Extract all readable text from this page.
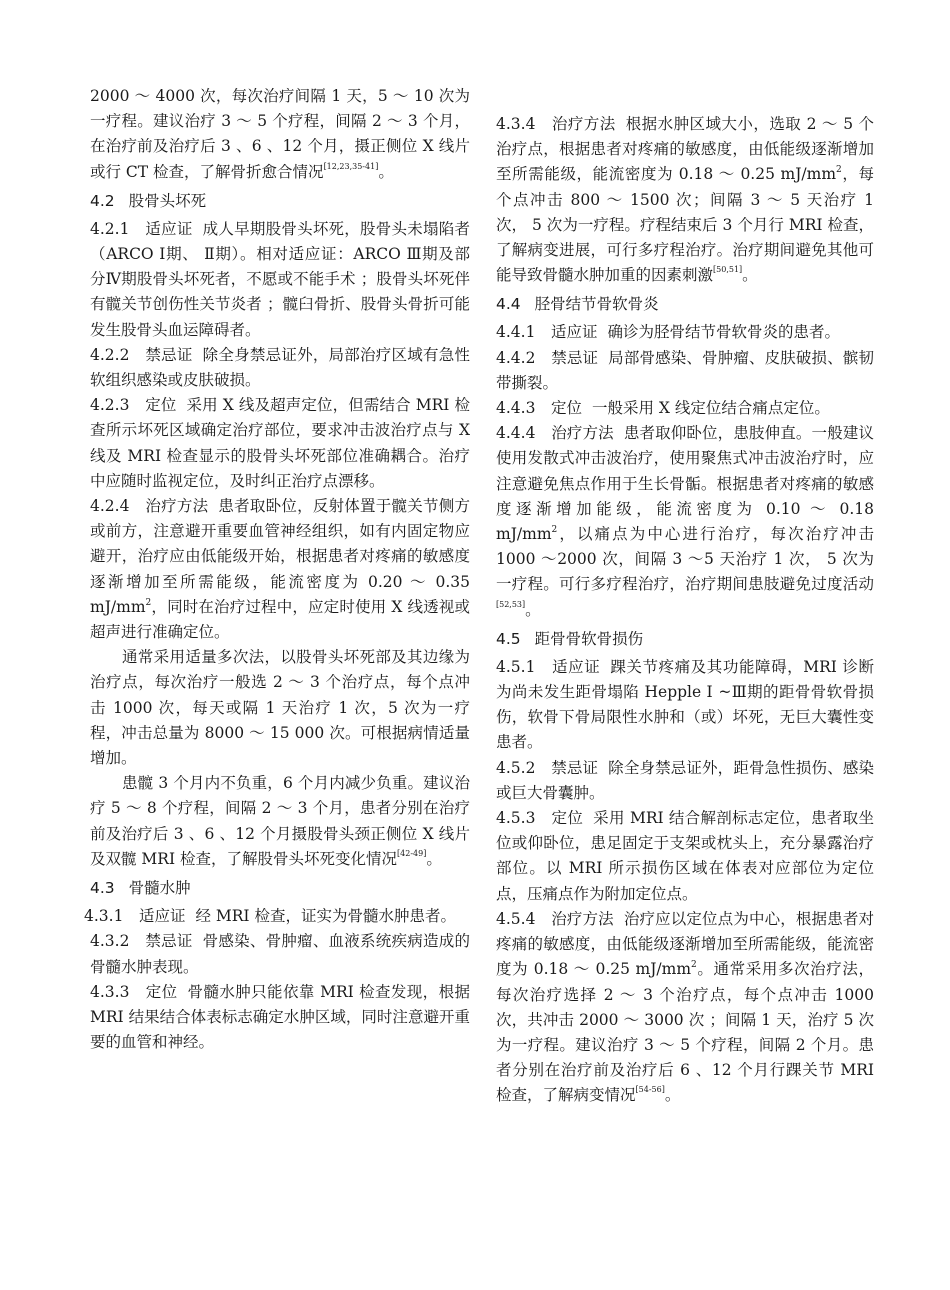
2000 ～ 4000 次，每次治疗间隔 1 天，5 ～ 10 次为一疗程。建议治疗 3 ～ 5 个疗程，间隔 2 ～ 3 个月，在治疗前及治疗后 3 、6 、12 个月，摄正侧位 X 线片或行 CT 检查，了解骨折愈合情况[12,23,35-41]。

4.2 股骨头坏死

4.2.1　适应证 成人早期股骨头坏死，股骨头未塌陷者（ARCO Ⅰ期、 Ⅱ期）。相对适应证：ARCO Ⅲ期及部分Ⅳ期股骨头坏死者，不愿或不能手术 ；股骨头坏死伴有髋关节创伤性关节炎者 ；髋臼骨折、股骨头骨折可能发生股骨头血运障碍者。

4.2.2　禁忌证 除全身禁忌证外，局部治疗区域有急性软组织感染或皮肤破损。

4.2.3　定位 采用 X 线及超声定位，但需结合 MRI 检查所示坏死区域确定治疗部位，要求冲击波治疗点与 X 线及 MRI 检查显示的股骨头坏死部位准确耦合。治疗中应随时监视定位，及时纠正治疗点漂移。

4.2.4　治疗方法 患者取卧位，反射体置于髋关节侧方或前方，注意避开重要血管神经组织，如有内固定物应避开，治疗应由低能级开始，根据患者对疼痛的敏感度逐渐增加至所需能级，能流密度为 0.20 ～ 0.35 $mJ/mm^2$，同时在治疗过程中，应定时使用 X 线透视或超声进行准确定位。

通常采用适量多次法，以股骨头坏死部及其边缘为治疗点，每次治疗一般选 2 ～ 3 个治疗点，每个点冲击 1000 次，每天或隔 1 天治疗 1 次，5 次为一疗程，冲击总量为 8000 ～ 15 000 次。可根据病情适量增加。

患髋 3 个月内不负重，6 个月内减少负重。建议治疗 5 ～ 8 个疗程，间隔 2 ～ 3 个月，患者分别在治疗前及治疗后 3 、6 、12 个月摄股骨头颈正侧位 X 线片及双髋 MRI 检查，了解股骨头坏死变化情况[42-49]。

4.3 骨髓水肿

4.3.1　适应证 经 MRI 检查，证实为骨髓水肿患者。

4.3.2　禁忌证 骨感染、骨肿瘤、血液系统疾病造成的骨髓水肿表现。

4.3.3　定位 骨髓水肿只能依靠 MRI 检查发现，根据 MRI 结果结合体表标志确定水肿区域，同时注意避开重要的血管和神经。

4.3.4　治疗方法 根据水肿区域大小，选取 2 ～ 5 个治疗点，根据患者对疼痛的敏感度，由低能级逐渐增加至所需能级，能流密度为 0.18 ～ 0.25 $mJ/mm^2$，每个点冲击 800 ～ 1500 次；间隔 3 ～ 5 天治疗 1 次， 5 次为一疗程。疗程结束后 3 个月行 MRI 检查，了解病变进展，可行多疗程治疗。治疗期间避免其他可能导致骨髓水肿加重的因素刺激[50,51]。

4.4 胫骨结节骨软骨炎

4.4.1　适应证 确诊为胫骨结节骨软骨炎的患者。

4.4.2　禁忌证 局部骨感染、骨肿瘤、皮肤破损、髌韧带撕裂。

4.4.3　定位 一般采用 X 线定位结合痛点定位。

4.4.4　治疗方法 患者取仰卧位，患肢伸直。一般建议使用发散式冲击波治疗，使用聚焦式冲击波治疗时，应注意避免焦点作用于生长骨骺。根据患者对疼痛的敏感度逐渐增加能级，能流密度为 0.10 ～ 0.18 $mJ/mm^2$，以痛点为中心进行治疗，每次治疗冲击 1000 ～2000 次，间隔 3 ～5 天治疗 1 次， 5 次为一疗程。可行多疗程治疗，治疗期间患肢避免过度活动[52,53]。

4.5 距骨骨软骨损伤

4.5.1　适应证 踝关节疼痛及其功能障碍，MRI 诊断为尚未发生距骨塌陷 Hepple Ⅰ ~Ⅲ期的距骨骨软骨损伤，软骨下骨局限性水肿和（或）坏死，无巨大囊性变患者。

4.5.2　禁忌证 除全身禁忌证外，距骨急性损伤、感染或巨大骨囊肿。

4.5.3　定位 采用 MRI 结合解剖标志定位，患者取坐位或仰卧位，患足固定于支架或枕头上，充分暴露治疗部位。以 MRI 所示损伤区域在体表对应部位为定位点，压痛点作为附加定位点。

4.5.4　治疗方法 治疗应以定位点为中心，根据患者对疼痛的敏感度，由低能级逐渐增加至所需能级，能流密度为 0.18 ～ 0.25 $mJ/mm^2$。通常采用多次治疗法，每次治疗选择 2 ～ 3 个治疗点，每个点冲击 1000 次，共冲击 2000 ～ 3000 次 ；间隔 1 天，治疗 5 次为一疗程。建议治疗 3 ～ 5 个疗程，间隔 2 个月。患者分别在治疗前及治疗后 6 、12 个月行踝关节 MRI 检查，了解病变情况[54-56]。
